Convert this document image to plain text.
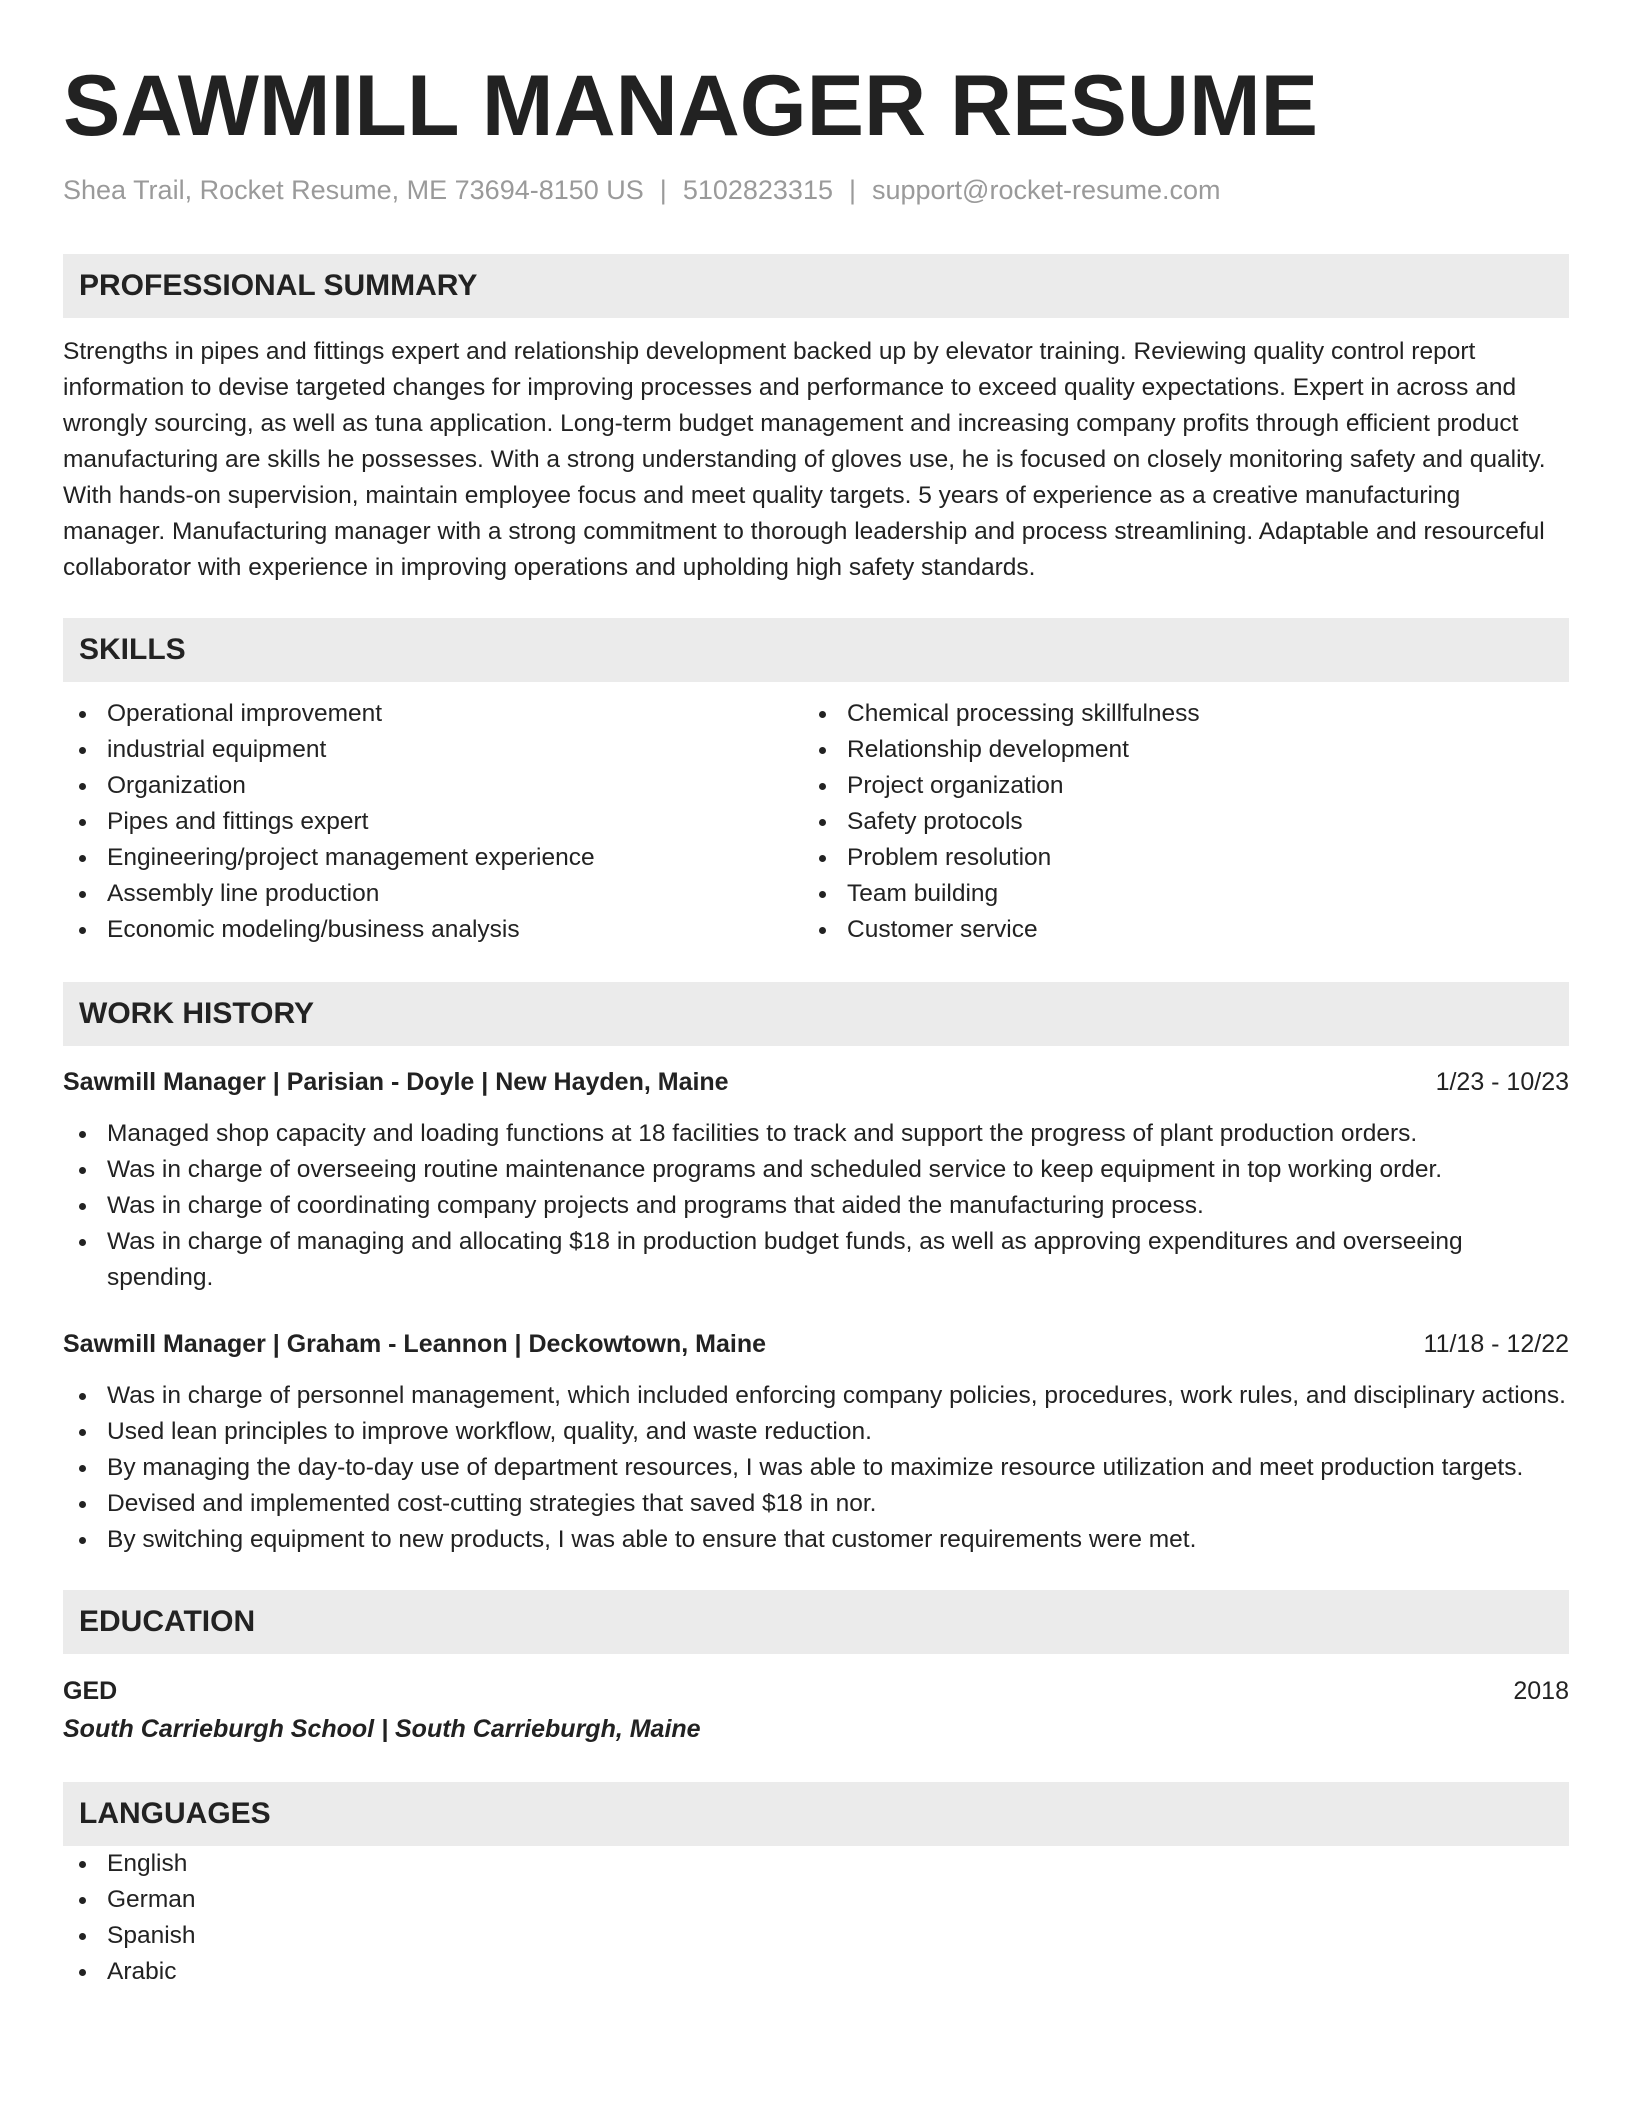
SAWMILL MANAGER RESUME
Shea Trail, Rocket Resume, ME 73694-8150 US | 5102823315 | support@rocket-resume.com
PROFESSIONAL SUMMARY

Strengths in pipes and fittings expert and relationship development backed up by elevator training. Reviewing quality control report information to devise targeted changes for improving processes and performance to exceed quality expectations. Expert in across and wrongly sourcing, as well as tuna application. Long-term budget management and increasing company profits through efficient product manufacturing are skills he possesses. With a strong understanding of gloves use, he is focused on closely monitoring safety and quality. With hands-on supervision, maintain employee focus and meet quality targets. 5 years of experience as a creative manufacturing manager. Manufacturing manager with a strong commitment to thorough leadership and process streamlining. Adaptable and resourceful collaborator with experience in improving operations and upholding high safety standards.

SKILLS
Operational improvement
industrial equipment
Organization
Pipes and fittings expert
Engineering/project management experience
Assembly line production
Economic modeling/business analysis
Chemical processing skillfulness
Relationship development
Project organization
Safety protocols
Problem resolution
Team building
Customer service
WORK HISTORY
Sawmill Manager | Parisian - Doyle | New Hayden, Maine	1/23 - 10/23
Managed shop capacity and loading functions at 18 facilities to track and support the progress of plant production orders.
Was in charge of overseeing routine maintenance programs and scheduled service to keep equipment in top working order.
Was in charge of coordinating company projects and programs that aided the manufacturing process.
Was in charge of managing and allocating $18 in production budget funds, as well as approving expenditures and overseeing spending.
Sawmill Manager | Graham - Leannon | Deckowtown, Maine	11/18 - 12/22
Was in charge of personnel management, which included enforcing company policies, procedures, work rules, and disciplinary actions.
Used lean principles to improve workflow, quality, and waste reduction.
By managing the day-to-day use of department resources, I was able to maximize resource utilization and meet production targets.
Devised and implemented cost-cutting strategies that saved $18 in nor.
By switching equipment to new products, I was able to ensure that customer requirements were met.
EDUCATION
GED	2018
South Carrieburgh School | South Carrieburgh, Maine
LANGUAGES
English
German
Spanish
Arabic
